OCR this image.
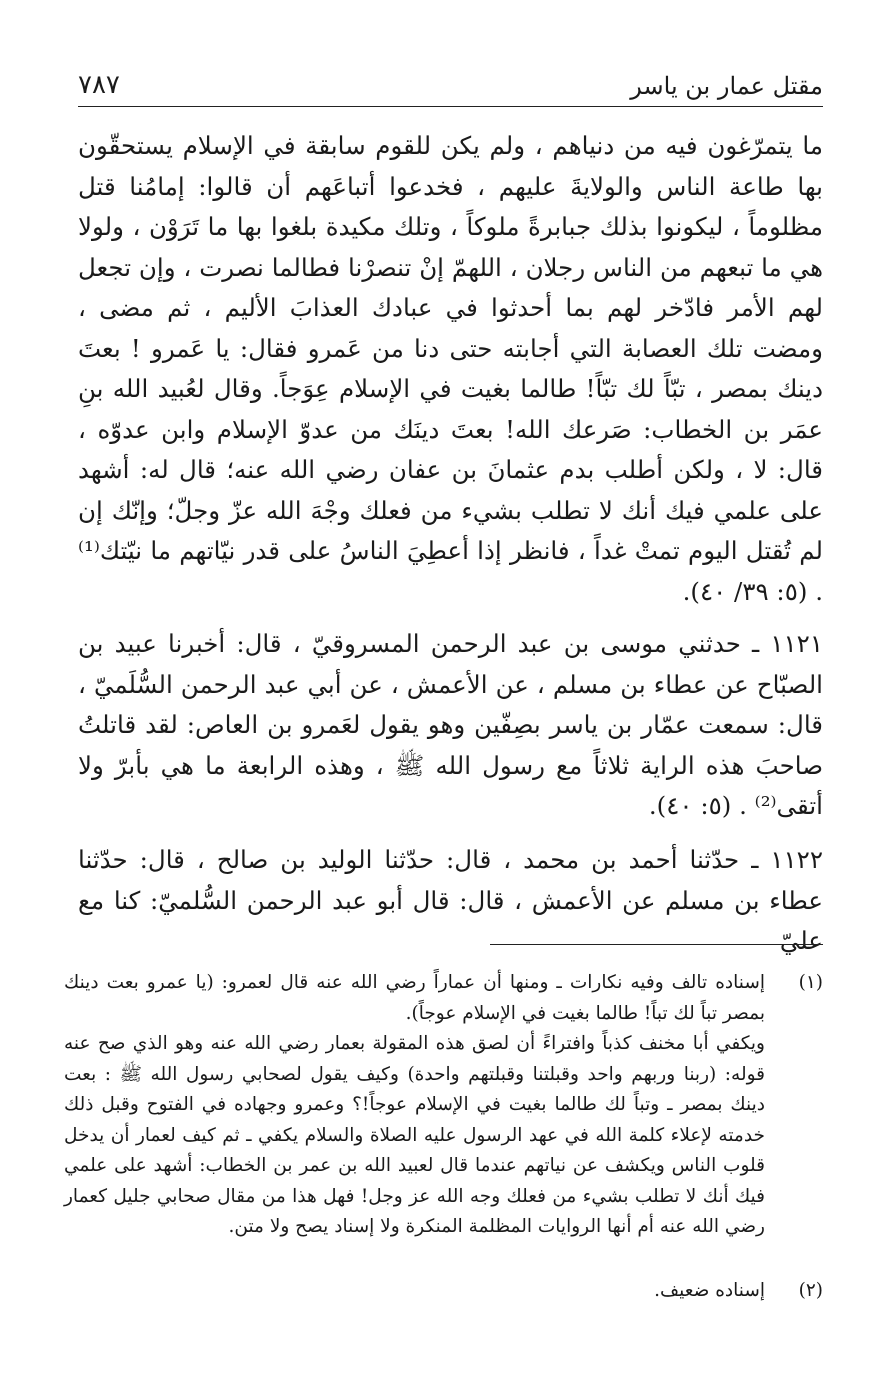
مقتل عمار بن ياسر
٧٨٧

ما يتمرّغون فيه من دنياهم ، ولم يكن للقوم سابقة في الإسلام يستحقّون بها طاعة الناس والولايةَ عليهم ، فخدعوا أتباعَهم أن قالوا: إمامُنا قتل مظلوماً ، ليكونوا بذلك جبابرةً ملوكاً ، وتلك مكيدة بلغوا بها ما تَرَوْن ، ولولا هي ما تبعهم من الناس رجلان ، اللهمّ إنْ تنصرْنا فطالما نصرت ، وإن تجعل لهم الأمر فادّخر لهم بما أحدثوا في عبادك العذابَ الأليم ، ثم مضى ، ومضت تلك العصابة التي أجابته حتى دنا من عَمرو فقال: يا عَمرو ! بعتَ دينك بمصر ، تبّاً لك تبّاً! طالما بغيت في الإسلام عِوَجاً. وقال لعُبيد الله بنِ عمَر بن الخطاب: صَرعك الله! بعتَ دينَك من عدوّ الإسلام وابن عدوّه ، قال: لا ، ولكن أطلب بدم عثمانَ بن عفان رضي الله عنه؛ قال له: أشهد على علمي فيك أنك لا تطلب بشيء من فعلك وجْهَ الله عزّ وجلّ؛ وإنّك إن لم تُقتل اليوم تمتْ غداً ، فانظر إذا أعطِيَ الناسُ على قدر نيّاتهم ما نيّتك⁽¹⁾ . (٥: ٣٩/ ٤٠).

١١٢١ ـ حدثني موسى بن عبد الرحمن المسروقيّ ، قال: أخبرنا عبيد بن الصبّاح عن عطاء بن مسلم ، عن الأعمش ، عن أبي عبد الرحمن السُّلَميّ ، قال: سمعت عمّار بن ياسر بصِفّين وهو يقول لعَمرو بن العاص: لقد قاتلتُ صاحبَ هذه الراية ثلاثاً مع رسول الله ﷺ ، وهذه الرابعة ما هي بأبرّ ولا أتقى⁽²⁾ . (٥: ٤٠).

١١٢٢ ـ حدّثنا أحمد بن محمد ، قال: حدّثنا الوليد بن صالح ، قال: حدّثنا عطاء بن مسلم عن الأعمش ، قال: قال أبو عبد الرحمن السُّلميّ: كنا مع عليّ

(١)
إسناده تالف وفيه نكارات ـ ومنها أن عماراً رضي الله عنه قال لعمرو: (يا عمرو بعت دينك بمصر تباً لك تباً! طالما بغيت في الإسلام عوجاً).
ويكفي أبا مخنف كذباً وافتراءً أن لصق هذه المقولة بعمار رضي الله عنه وهو الذي صح عنه قوله: (ربنا وربهم واحد وقبلتنا وقبلتهم واحدة) وكيف يقول لصحابي رسول الله ﷺ : بعت دينك بمصر ـ وتباً لك طالما بغيت في الإسلام عوجاً!؟ وعمرو وجهاده في الفتوح وقبل ذلك خدمته لإعلاء كلمة الله في عهد الرسول عليه الصلاة والسلام يكفي ـ ثم كيف لعمار أن يدخل قلوب الناس ويكشف عن نياتهم عندما قال لعبيد الله بن عمر بن الخطاب: أشهد على علمي فيك أنك لا تطلب بشيء من فعلك وجه الله عز وجل! فهل هذا من مقال صحابي جليل كعمار رضي الله عنه أم أنها الروايات المظلمة المنكرة ولا إسناد يصح ولا متن.
(٢)
إسناده ضعيف.
